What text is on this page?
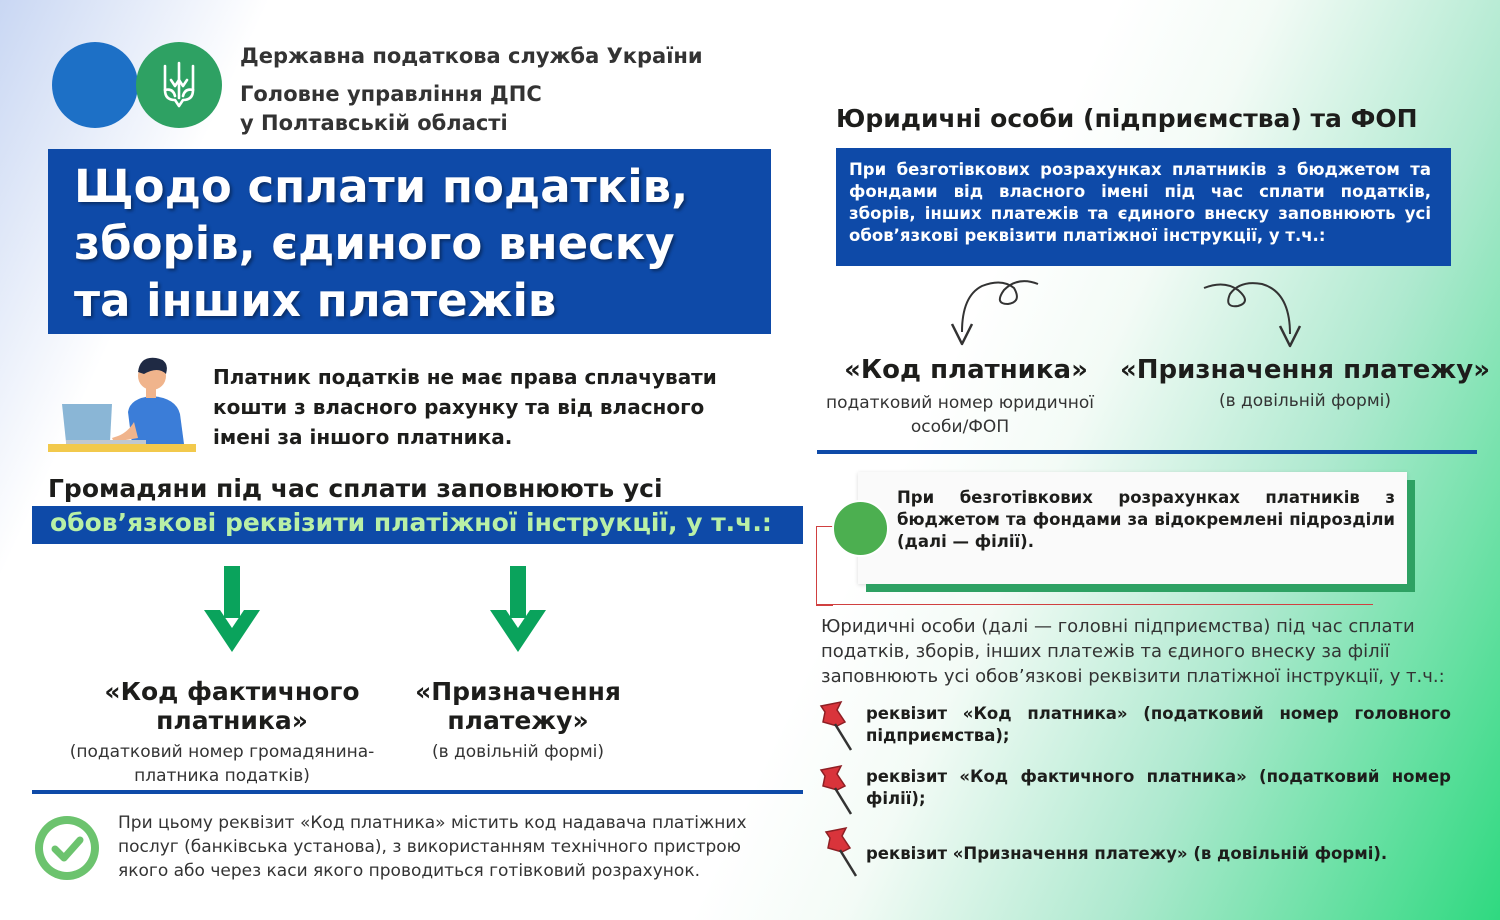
Державна податкова служба України
Головне управління ДПС
у Полтавській області
Щодо сплати податків,
зборів, єдиного внеску
та інших платежів
Платник податків не має права сплачувати
кошти з власного рахунку та від власного
імені за іншого платника.
Громадяни під час сплати заповнюють усі
обов’язкові реквізити платіжної інструкції, у т.ч.:
«Код фактичного
платника»
(податковий номер громадянина-
платника податків)
«Призначення
платежу»
(в довільній формі)
При цьому реквізит «Код платника» містить код надавача платіжних
послуг (банківська установа), з використанням технічного пристрою
якого або через каси якого проводиться готівковий розрахунок.
Юридичні особи (підприємства) та ФОП
При безготівкових розрахунках платників з бюджетом та фондами від власного імені під час сплати податків, зборів, інших платежів та єдиного внеску заповнюють усі обов’язкові реквізити платіжної інструкції, у т.ч.:
«Код платника»
податковий номер юридичної
особи/ФОП
«Призначення платежу»
(в довільній формі)
При безготівкових розрахунках платників з бюджетом та фондами за відокремлені підрозділи (далі — філії).
Юридичні особи (далі — головні підприємства) під час сплати
податків, зборів, інших платежів та єдиного внеску за філії
заповнюють усі обов’язкові реквізити платіжної інструкції, у т.ч.:
реквізит «Код платника» (податковий номер головного підприємства);
реквізит «Код фактичного платника» (податковий номер філії);
реквізит «Призначення платежу» (в довільній формі).
